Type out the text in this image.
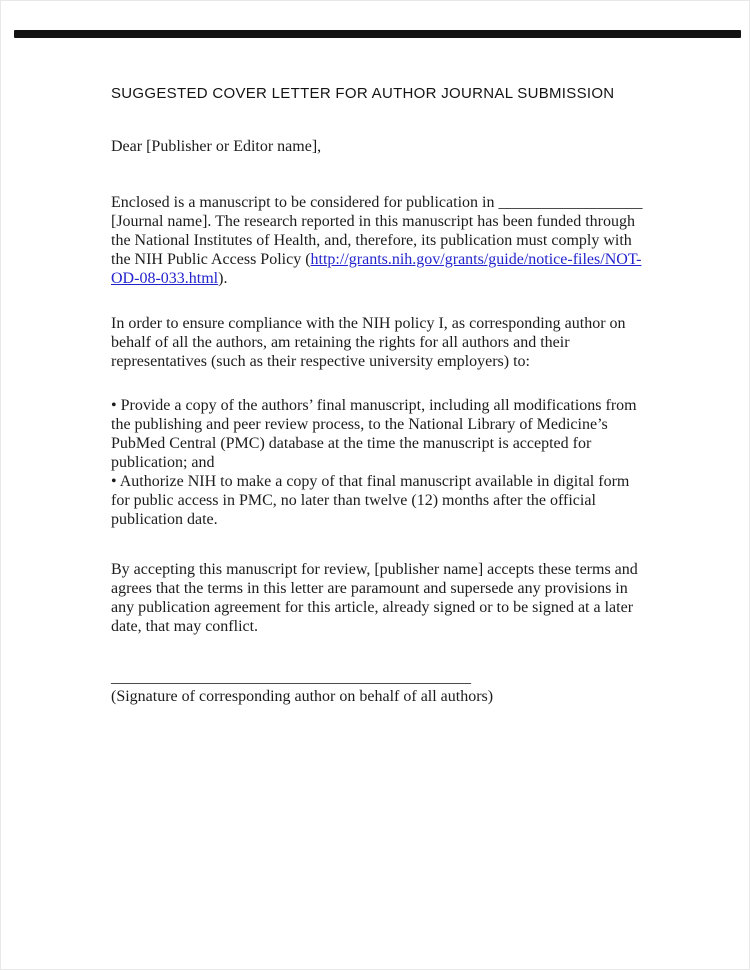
SUGGESTED COVER LETTER FOR AUTHOR JOURNAL SUBMISSION

Dear [Publisher or Editor name],

Enclosed is a manuscript to be considered for publication in __________________ [Journal name]. The research reported in this manuscript has been funded through the National Institutes of Health, and, therefore, its publication must comply with the NIH Public Access Policy (http://grants.nih.gov/grants/guide/notice-files/NOT-OD-08-033.html).

In order to ensure compliance with the NIH policy I, as corresponding author on behalf of all the authors, am retaining the rights for all authors and their representatives (such as their respective university employers) to:

• Provide a copy of the authors’ final manuscript, including all modifications from the publishing and peer review process, to the National Library of Medicine’s PubMed Central (PMC) database at the time the manuscript is accepted for publication; and
• Authorize NIH to make a copy of that final manuscript available in digital form for public access in PMC, no later than twelve (12) months after the official publication date.

By accepting this manuscript for review, [publisher name] accepts these terms and agrees that the terms in this letter are paramount and supersede any provisions in any publication agreement for this article, already signed or to be signed at a later date, that may conflict.

_____________________________________________

(Signature of corresponding author on behalf of all authors)
